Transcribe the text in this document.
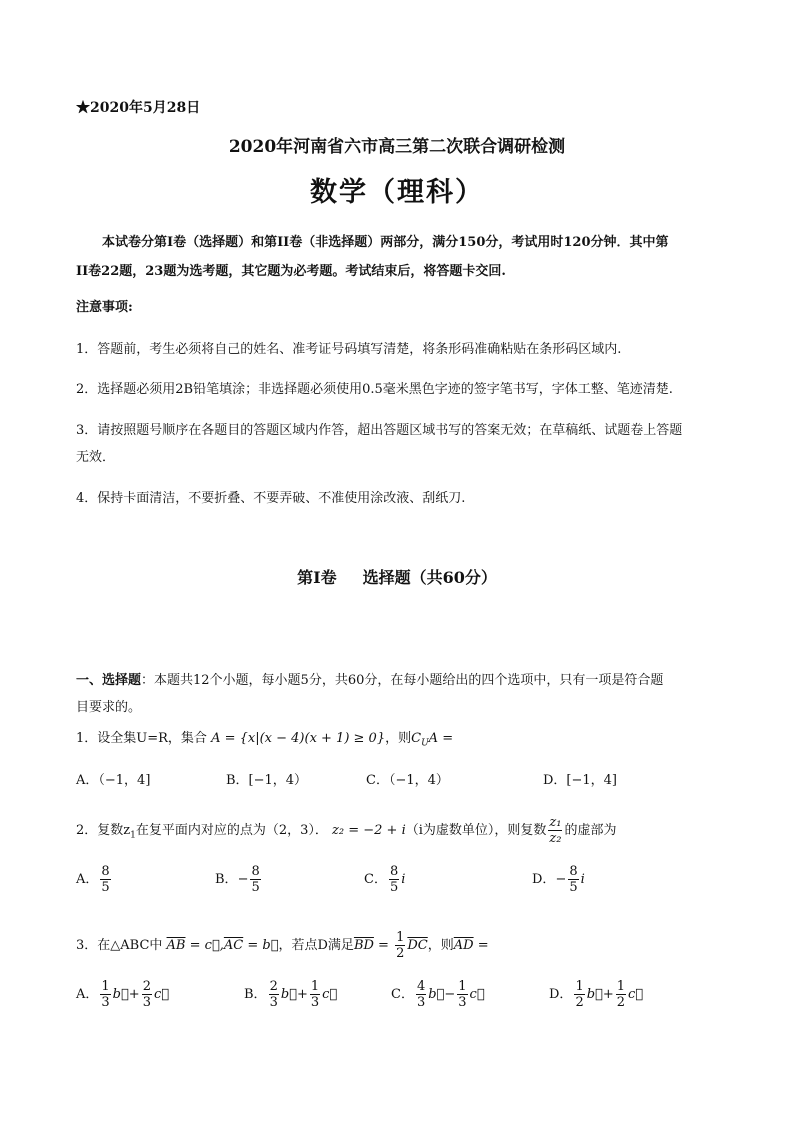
★2020年5月28日
2020年河南省六市高三第二次联合调研检测
数学（理科）
本试卷分第Ⅰ卷（选择题）和第II卷（非选择题）两部分，满分150分，考试用时120分钟．其中第
II卷22题，23题为选考题，其它题为必考题。考试结束后，将答题卡交回.
注意事项:
1．答题前，考生必须将自己的姓名、准考证号码填写清楚，将条形码准确粘贴在条形码区域内.
2．选择题必须用2B铅笔填涂；非选择题必须使用0.5毫米黑色字迹的签字笔书写，字体工整、笔迹清楚.
3．请按照题号顺序在各题目的答题区域内作答，超出答题区域书写的答案无效；在草稿纸、试题卷上答题
无效．
4．保持卡面清洁，不要折叠、不要弄破、不准使用涂改液、刮纸刀.
第Ⅰ卷 选择题（共60分）
一、选择题：本题共12个小题，每小题5分，共60分，在每小题给出的四个选项中，只有一项是符合题
目要求的。
1．设全集U=R，集合 A = {x|(x − 4)(x + 1) ≥ 0}，则$C_UA$ =
A．（−1，4]	B．[−1，4）	C．（−1，4）	D．[−1，4]
2．复数$z_1$在复平面内对应的点为（2，3）． z₂ = −2 + i（i为虚数单位），则复数 $\frac{\text{z₁}}{\text{z₂}}$ 的虚部为
A． $\frac{8}{5}$	B．− $\frac{8}{5}$	C． $\frac{8}{5}$ i	D．− $\frac{8}{5}$ i
3．在△ABC中 $\overline{AB}$ = $c⃗,\overline{AC}$ = b⃗，若点D满足$\overline{BD} = \frac{1}{2} \overline{DC}$，则$\overline{AD}$ =
A． $\frac{1}{3}$ b⃗+ $\frac{2}{3}$ c⃗	B． $\frac{2}{3}$ b⃗+ $\frac{1}{3}$ c⃗	C． $\frac{4}{3}$ b⃗− $\frac{1}{3}$ c⃗	D． $\frac{1}{2}$ b⃗+ $\frac{1}{2}$ c⃗
